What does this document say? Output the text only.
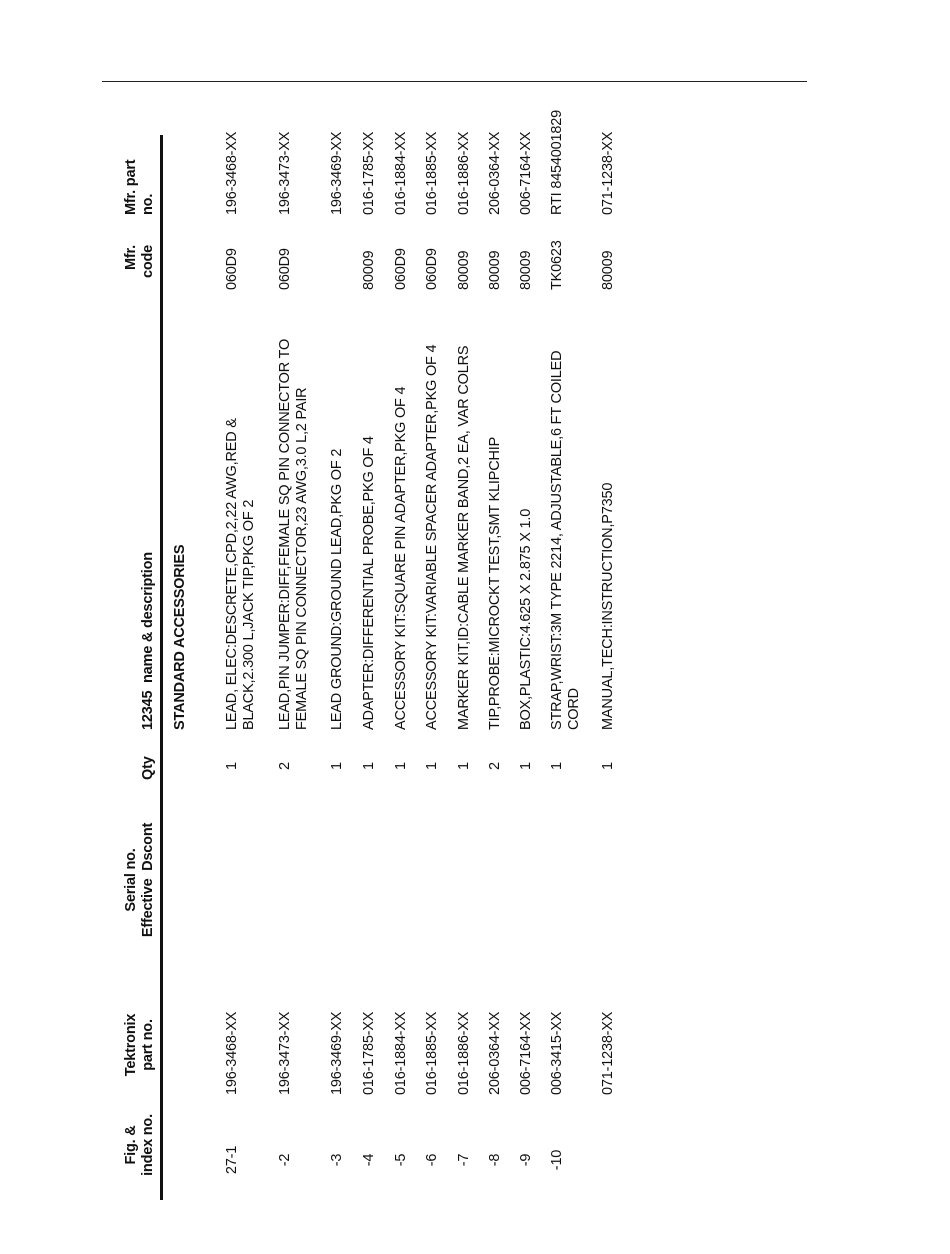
Fig. & index no.
Tektronix part no.
Serial no. Effective  Dscont
Qty
12345  name & description
Mfr. code
Mfr. part no.
STANDARD ACCESSORIES
27-1
196-3468-XX
1
LEAD, ELEC:DESCRETE,CPD,2,22 AWG,RED & BLACK,2.300 L,JACK TIP,PKG OF 2
060D9
196-3468-XX
-2
196-3473-XX
2
LEAD,PIN JUMPER:DIFF,FEMALE SQ PIN CONNECTOR TO FEMALE SQ PIN CONNECTOR,23 AWG,3.0 L,2 PAIR
060D9
196-3473-XX
-3
196-3469-XX
1
LEAD GROUND:GROUND LEAD,PKG OF 2
196-3469-XX
-4
016-1785-XX
1
ADAPTER:DIFFERENTIAL PROBE,PKG OF 4
80009
016-1785-XX
-5
016-1884-XX
1
ACCESSORY KIT:SQUARE PIN ADAPTER,PKG OF 4
060D9
016-1884-XX
-6
016-1885-XX
1
ACCESSORY KIT:VARIABLE SPACER ADAPTER,PKG OF 4
060D9
016-1885-XX
-7
016-1886-XX
1
MARKER KIT,ID:CABLE MARKER BAND,2 EA, VAR COLRS
80009
016-1886-XX
-8
206-0364-XX
2
TIP,PROBE:MICROCKT TEST,SMT KLIPCHIP
80009
206-0364-XX
-9
006-7164-XX
1
BOX,PLASTIC:4.625 X 2.875 X 1.0
80009
006-7164-XX
-10
006-3415-XX
1
STRAP,WRIST:3M TYPE 2214, ADJUSTABLE,6 FT COILED CORD
TK0623
RTI 8454001829
071-1238-XX
1
MANUAL,TECH:INSTRUCTION,P7350
80009
071-1238-XX
